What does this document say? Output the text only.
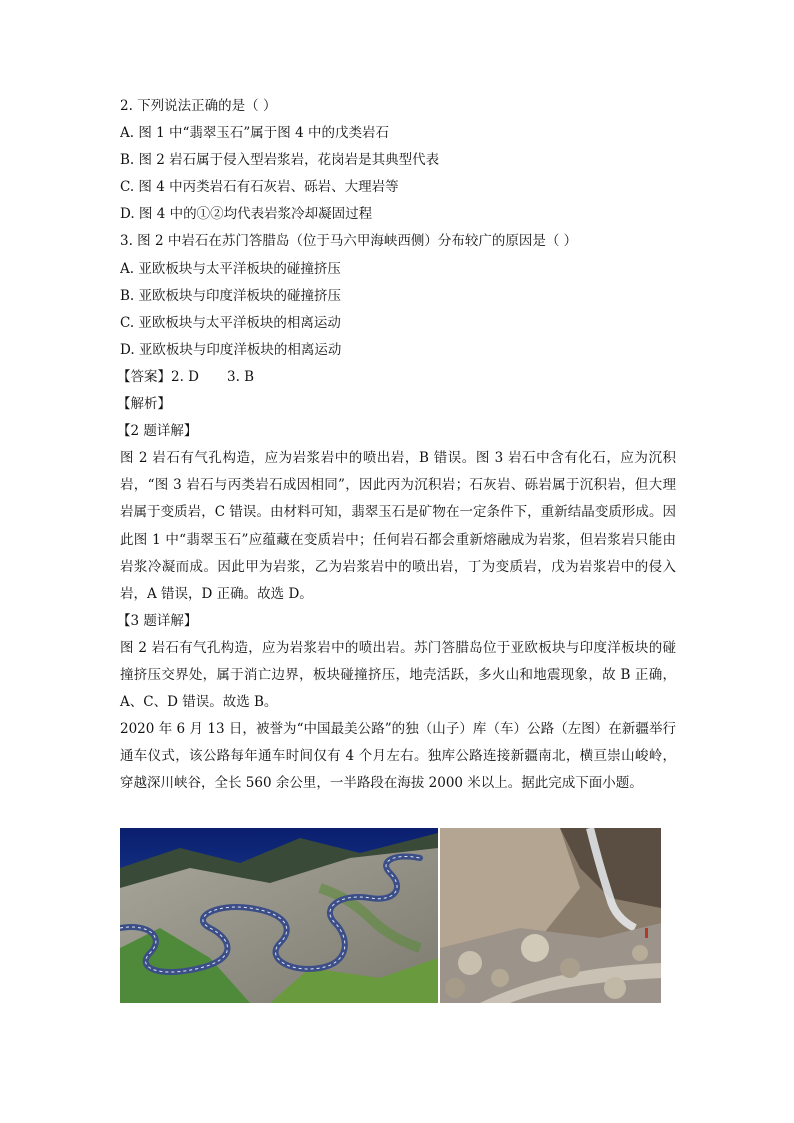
2. 下列说法正确的是（ ）
A. 图 1 中“翡翠玉石”属于图 4 中的戊类岩石
B. 图 2 岩石属于侵入型岩浆岩，花岗岩是其典型代表
C. 图 4 中丙类岩石有石灰岩、砾岩、大理岩等
D. 图 4 中的①②均代表岩浆冷却凝固过程
3. 图 2 中岩石在苏门答腊岛（位于马六甲海峡西侧）分布较广的原因是（ ）
A. 亚欧板块与太平洋板块的碰撞挤压
B. 亚欧板块与印度洋板块的碰撞挤压
C. 亚欧板块与太平洋板块的相离运动
D. 亚欧板块与印度洋板块的相离运动
【答案】2. D 3. B
【解析】
【2 题详解】
图 2 岩石有气孔构造，应为岩浆岩中的喷出岩，B 错误。图 3 岩石中含有化石，应为沉积岩，“图 3 岩石与丙类岩石成因相同”，因此丙为沉积岩；石灰岩、砾岩属于沉积岩，但大理岩属于变质岩，C 错误。由材料可知，翡翠玉石是矿物在一定条件下，重新结晶变质形成。因此图 1 中“翡翠玉石”应蕴藏在变质岩中；任何岩石都会重新熔融成为岩浆，但岩浆岩只能由岩浆冷凝而成。因此甲为岩浆，乙为岩浆岩中的喷出岩，丁为变质岩，戊为岩浆岩中的侵入岩，A 错误，D 正确。故选 D。
【3 题详解】
图 2 岩石有气孔构造，应为岩浆岩中的喷出岩。苏门答腊岛位于亚欧板块与印度洋板块的碰撞挤压交界处，属于消亡边界，板块碰撞挤压，地壳活跃，多火山和地震现象，故 B 正确，A、C、D 错误。故选 B。
2020 年 6 月 13 日，被誉为“中国最美公路”的独（山子）库（车）公路（左图）在新疆举行通车仪式，该公路每年通车时间仅有 4 个月左右。独库公路连接新疆南北，横亘崇山峻岭，穿越深川峡谷，全长 560 余公里，一半路段在海拔 2000 米以上。据此完成下面小题。
